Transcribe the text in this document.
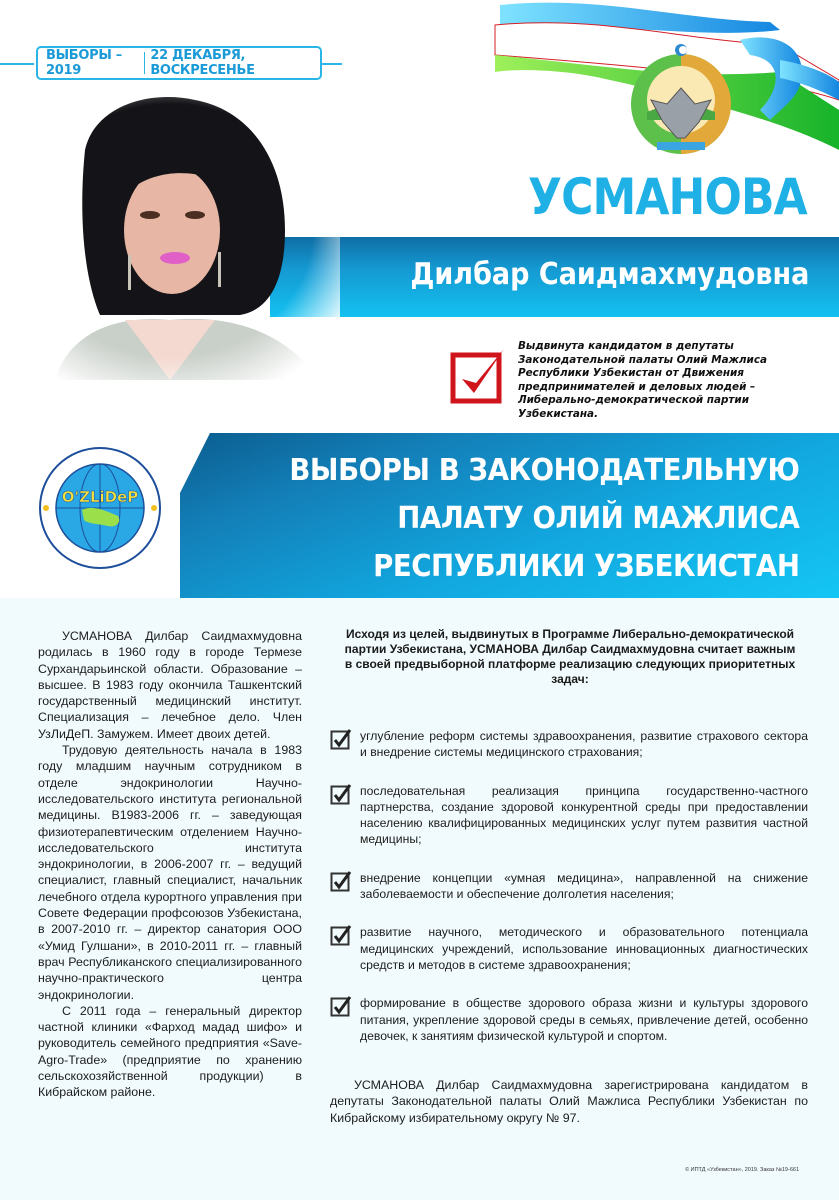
ВЫБОРЫ – 2019
22 ДЕКАБРЯ, ВОСКРЕСЕНЬЕ
УСМАНОВА
Дилбар Саидмахмудовна
Выдвинута кандидатом в депутаты
Законодательной палаты Олий Мажлиса
Республики Узбекистан от Движения
предпринимателей и деловых людей –
Либерально-демократической партии
Узбекистана.
ВЫБОРЫ В ЗАКОНОДАТЕЛЬНУЮ
ПАЛАТУ ОЛИЙ МАЖЛИСА
РЕСПУБЛИКИ УЗБЕКИСТАН
O'ZLiDeP

УСМАНОВА Дилбар Саидмахмудовна родилась в 1960 году в городе Термезе Сурхандарьинской области. Образование – высшее. В 1983 году окончила Ташкентский государственный медицинский институт. Специализация – лечебное дело. Член УзЛиДеП. Замужем. Имеет двоих детей.

Трудовую деятельность начала в 1983 году младшим научным сотрудником в отделе эндокринологии Научно-исследовательского института региональной медицины. В1983-2006 гг. – заведующая физиотерапевтическим отделением Научно-исследовательского института эндокринологии, в 2006-2007 гг. – ведущий специалист, главный специалист, начальник лечебного отдела курортного управления при Совете Федерации профсоюзов Узбекистана, в 2007-2010 гг. – директор санатория ООО «Умид Гулшани», в 2010-2011 гг. – главный врач Республиканского специализированного научно-практического центра эндокринологии.

С 2011 года – генеральный директор частной клиники «Фарход мадад шифо» и руководитель семейного предприятия «Save-Agro-Trade» (предприятие по хранению сельскохозяйственной продукции) в Кибрайском районе.

Исходя из целей, выдвинутых в Программе Либерально-демократической партии Узбекистана, УСМАНОВА Дилбар Саидмахмудовна считает важным в своей предвыборной платформе реализацию следующих приоритетных задач:
углубление реформ системы здравоохранения, развитие страхового сектора и внедрение системы медицинского страхования;
последовательная реализация принципа государственно-частного партнерства, создание здоровой конкурентной среды при предоставлении населению квалифицированных медицинских услуг путем развития частной медицины;
внедрение концепции «умная медицина», направленной на снижение заболеваемости и обеспечение долголетия населения;
развитие научного, методического и образовательного потенциала медицинских учреждений, использование инновационных диагностических средств и методов в системе здравоохранения;
формирование в обществе здорового образа жизни и культуры здорового питания, укрепление здоровой среды в семьях, привлечение детей, особенно девочек, к занятиям физической культурой и спортом.
УСМАНОВА Дилбар Саидмахмудовна зарегистрирована кандидатом в депутаты Законодательной палаты Олий Мажлиса Республики Узбекистан по Кибрайскому избирательному округу № 97.
© ИПТД «Узбекистан», 2019. Заказ №19-661
